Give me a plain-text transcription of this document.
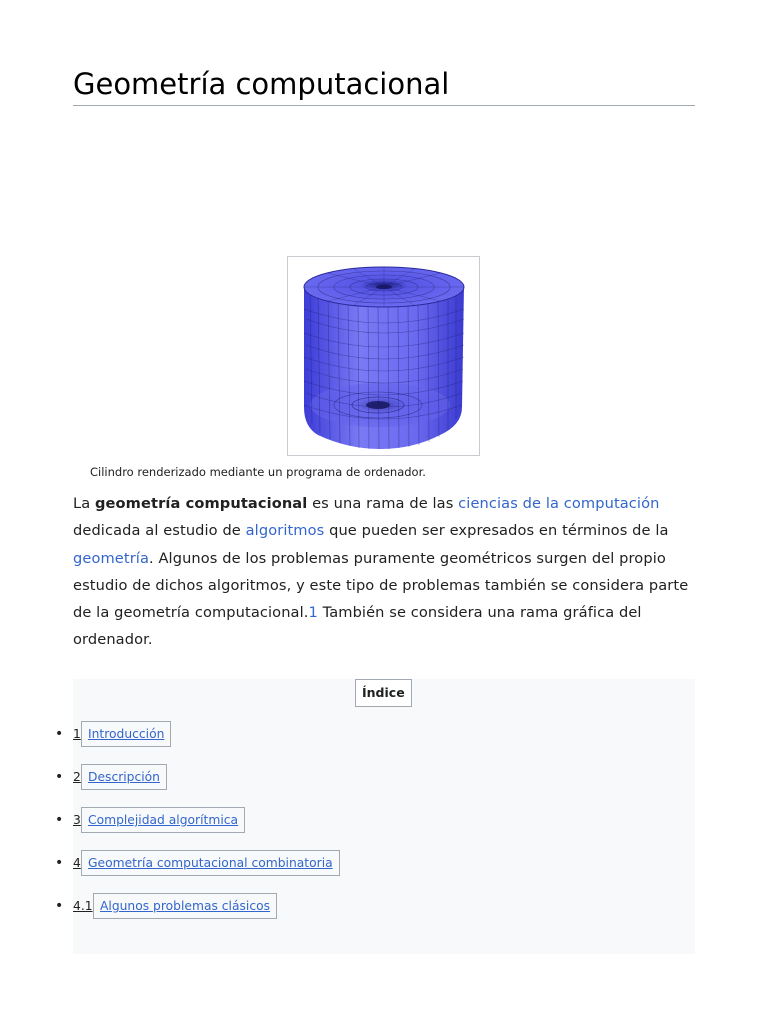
Geometría computacional
Cilindro renderizado mediante un programa de ordenador.
La geometría computacional es una rama de las ciencias de la computación dedicada al estudio de algoritmos que pueden ser expresados en términos de la geometría. Algunos de los problemas puramente geométricos surgen del propio estudio de dichos algoritmos, y este tipo de problemas también se considera parte de la geometría computacional.1 También se considera una rama gráfica del ordenador.
Índice
• 1 Introducción
• 2 Descripción
• 3 Complejidad algorítmica
• 4 Geometría computacional combinatoria
• 4.1 Algunos problemas clásicos
